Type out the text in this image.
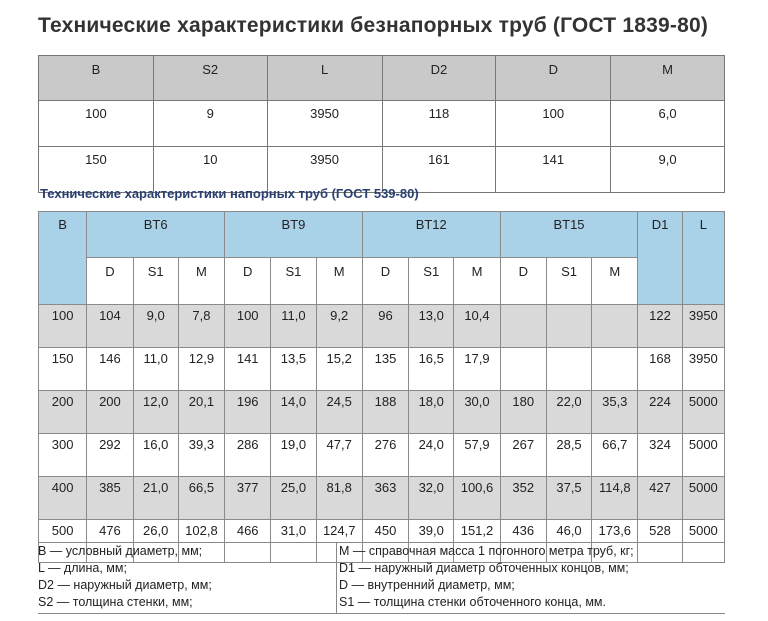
Технические характеристики безнапорных труб (ГОСТ 1839-80)
B	S2	L	D2	D	M
100	9	3950	118	100	6,0
150	10	3950	161	141	9,0
Технические характеристики напорных труб (ГОСТ 539-80)
B	BT6			BT9			BT12			BT15			D1	L
	D	S1	M	D	S1	M	D	S1	M	D	S1	M		
100	104	9,0	7,8	100	11,0	9,2	96	13,0	10,4				122	3950
150	146	11,0	12,9	141	13,5	15,2	135	16,5	17,9				168	3950
200	200	12,0	20,1	196	14,0	24,5	188	18,0	30,0	180	22,0	35,3	224	5000
300	292	16,0	39,3	286	19,0	47,7	276	24,0	57,9	267	28,5	66,7	324	5000
400	385	21,0	66,5	377	25,0	81,8	363	32,0	100,6	352	37,5	114,8	427	5000
500	476	26,0	102,8	466	31,0	124,7	450	39,0	151,2	436	46,0	173,6	528	5000
B — условный диаметр, мм;
L — длина, мм;
D2 — наружный диаметр, мм;
S2 — толщина стенки, мм;
M — справочная масса 1 погонного метра труб, кг;
D1 — наружный диаметр обточенных концов, мм;
D — внутренний диаметр, мм;
S1 — толщина стенки обточенного конца, мм.
